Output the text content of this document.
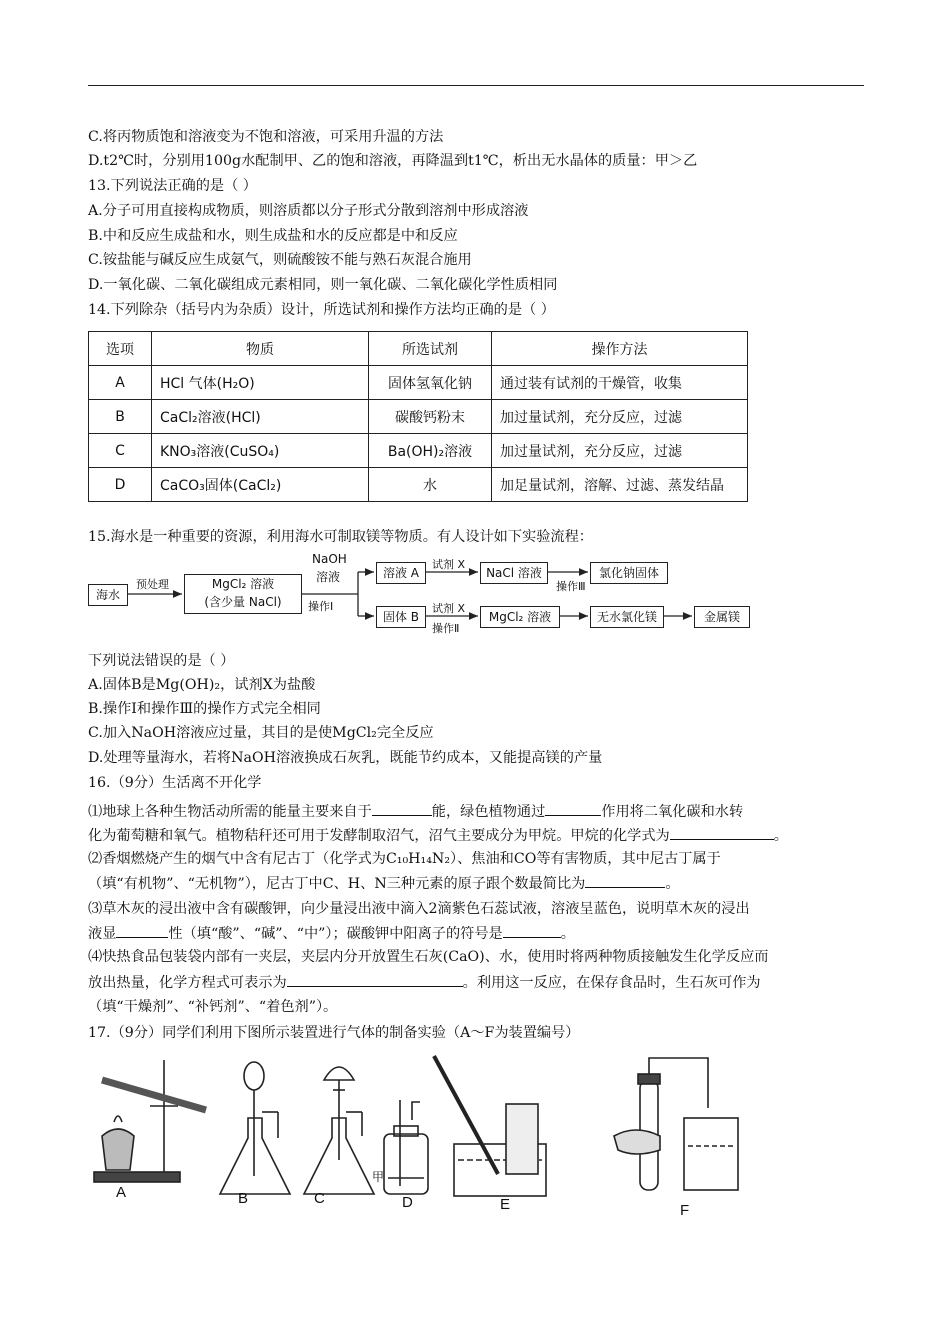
C.将丙物质饱和溶液变为不饱和溶液，可采用升温的方法
D.t2℃时，分别用100g水配制甲、乙的饱和溶液，再降温到t1℃，析出无水晶体的质量：甲＞乙
13.下列说法正确的是（ ）
A.分子可用直接构成物质，则溶质都以分子形式分散到溶剂中形成溶液
B.中和反应生成盐和水，则生成盐和水的反应都是中和反应
C.铵盐能与碱反应生成氨气，则硫酸铵不能与熟石灰混合施用
D.一氧化碳、二氧化碳组成元素相同，则一氧化碳、二氧化碳化学性质相同
14.下列除杂（括号内为杂质）设计，所选试剂和操作方法均正确的是（ ）
选项	物质	所选试剂	操作方法
A	HCl 气体(H₂O)	固体氢氧化钠	通过装有试剂的干燥管，收集
B	CaCl₂溶液(HCl)	碳酸钙粉末	加过量试剂，充分反应，过滤
C	KNO₃溶液(CuSO₄)	Ba(OH)₂溶液	加过量试剂，充分反应，过滤
D	CaCO₃固体(CaCl₂)	水	加足量试剂，溶解、过滤、蒸发结晶
15.海水是一种重要的资源，利用海水可制取镁等物质。有人设计如下实验流程：
海水
预处理	MgCl₂ 溶液
(含少量 NaCl)
NaOH
溶液
操作Ⅰ
溶液 A
试剂 X
NaCl 溶液
操作Ⅲ
氯化钠固体
固体 B
试剂 X
操作Ⅱ
MgCl₂ 溶液	无水氯化镁	金属镁
下列说法错误的是（ ）
A.固体B是Mg(OH)₂，试剂X为盐酸
B.操作Ⅰ和操作Ⅲ的操作方式完全相同
C.加入NaOH溶液应过量，其目的是使MgCl₂完全反应
D.处理等量海水，若将NaOH溶液换成石灰乳，既能节约成本，又能提高镁的产量
16.（9分）生活离不开化学
⑴地球上各种生物活动所需的能量主要来自于	能，绿色植物通过	作用将二氧化碳和水转
化为葡萄糖和氧气。植物秸秆还可用于发酵制取沼气，沼气主要成分为甲烷。甲烷的化学式为	。
⑵香烟燃烧产生的烟气中含有尼古丁（化学式为C₁₀H₁₄N₂）、焦油和CO等有害物质，其中尼古丁属于
（填“有机物”、“无机物”），尼古丁中C、H、N三种元素的原子跟个数最简比为	。
⑶草木灰的浸出液中含有碳酸钾，向少量浸出液中滴入2滴紫色石蕊试液，溶液呈蓝色，说明草木灰的浸出
液显	性（填“酸”、“碱”、“中”）；碳酸钾中阳离子的符号是	。
⑷快热食品包装袋内部有一夹层，夹层内分开放置生石灰(CaO)、水，使用时将两种物质接触发生化学反应而
放出热量，化学方程式可表示为	。利用这一反应，在保存食品时，生石灰可作为
（填“干燥剂”、“补钙剂”、“着色剂”）。
17.（9分）同学们利用下图所示装置进行气体的制备实验（A～F为装置编号）
A	B	C	D
甲
E	F
